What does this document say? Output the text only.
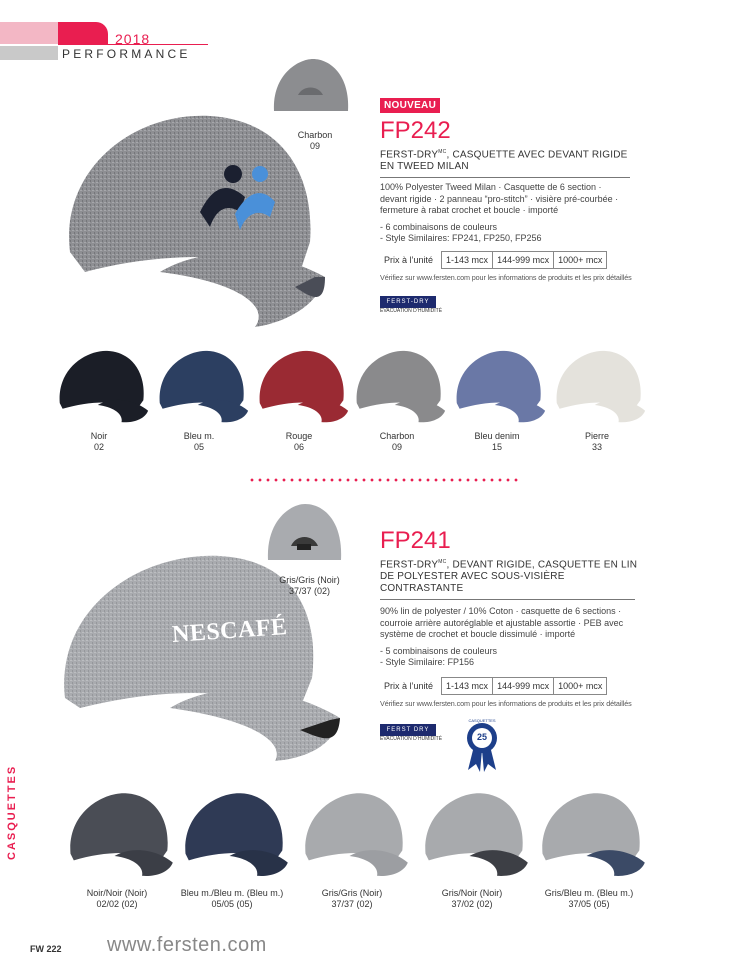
2018
PERFORMANCE
Charbon
09
NOUVEAU
FP242
FERST-$DRY^{MC}$, CASQUETTE AVEC DEVANT RIGIDE
EN TWEED MILAN
100% Polyester Tweed Milan · Casquette de 6 section ·
devant rigide · 2 panneau “pro-stitch” · visière pré-courbée ·
fermeture à rabat crochet et boucle · importé
- 6 combinaisons de couleurs
- Style Similaires: FP241, FP250, FP256
Prix à l’unité	1-143 mcx	144-999 mcx	1000+ mcx
Vérifiez sur www.fersten.com pour les informations de produits et les prix détaillés
FERST-DRY
ÉVACUATION D’HUMIDITÉ
NESCAFÉ
Gris/Gris (Noir)
37/37 (02)
FP241
FERST-$DRY^{MC}$, DEVANT RIGIDE, CASQUETTE EN LIN
DE POLYESTER AVEC SOUS-VISIÈRE CONTRASTANTE
90% lin de polyester / 10% Coton · casquette de 6 sections ·
courroie arrière autoréglable et ajustable assortie · PEB avec
système de crochet et boucle dissimulé · importé
- 5 combinaisons de couleurs
- Style Similaire: FP156
Prix à l’unité	1-143 mcx	144-999 mcx	1000+ mcx
Vérifiez sur www.fersten.com pour les informations de produits et les prix détaillés
FERST DRY
ÉVACUATION D’HUMIDITÉ
CASQUETTES
25
CASQUETTES
FW 222 www.fersten.com
Noir
02
Bleu m.
05
Rouge
06
Charbon
09
Bleu denim
15
Pierre
33
Noir/Noir (Noir)
02/02 (02)
Bleu m./Bleu m. (Bleu m.)
05/05 (05)
Gris/Gris (Noir)
37/37 (02)
Gris/Noir (Noir)
37/02 (02)
Gris/Bleu m. (Bleu m.)
37/05 (05)
